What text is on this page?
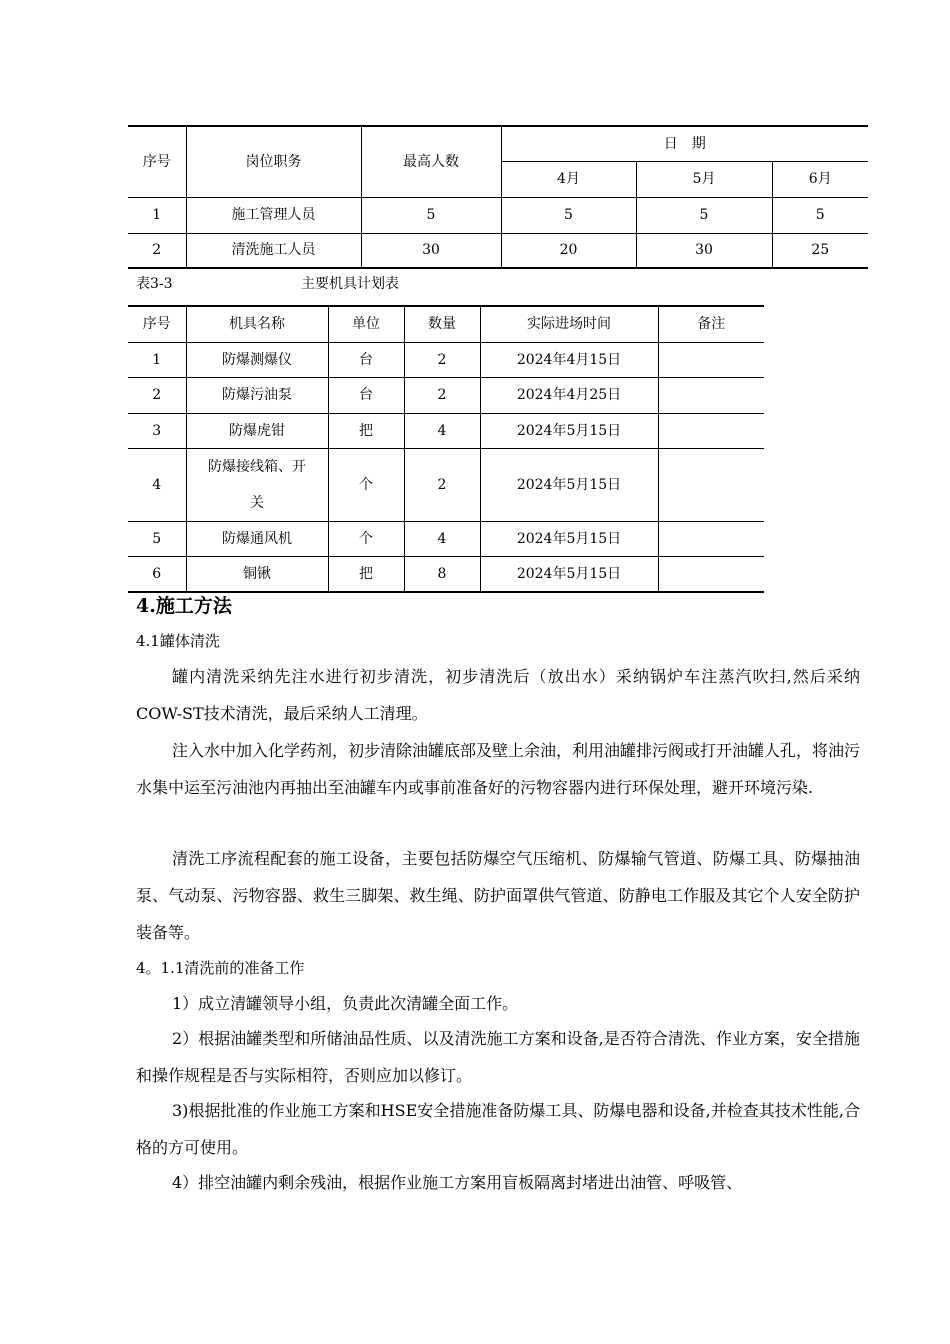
序号	岗位职务	最高人数	日　期		
			4月	5月	6月
1	施工管理人员	5	5	5	5
2	清洗施工人员	30	20	30	25
表3-3	主要机具计划表
序号	机具名称	单位	数量	实际进场时间	备注
1	防爆测爆仪	台	2	2024年4月15日	
2	防爆污油泵	台	2	2024年4月25日	
3	防爆虎钳	把	4	2024年5月15日	
4	防爆接线箱、开
关	个	2	2024年5月15日	
5	防爆通风机	个	4	2024年5月15日	
6	铜锹	把	8	2024年5月15日	
4.施工方法
4.1罐体清洗

罐内清洗采纳先注水进行初步清洗，初步清洗后（放出水）采纳锅炉车注蒸汽吹扫,然后采纳COW-ST技术清洗，最后采纳人工清理。

注入水中加入化学药剂，初步清除油罐底部及壁上余油，利用油罐排污阀或打开油罐人孔，将油污水集中运至污油池内再抽出至油罐车内或事前准备好的污物容器内进行环保处理，避开环境污染.

清洗工序流程配套的施工设备，主要包括防爆空气压缩机、防爆输气管道、防爆工具、防爆抽油泵、气动泵、污物容器、救生三脚架、救生绳、防护面罩供气管道、防静电工作服及其它个人安全防护装备等。

4。1.1清洗前的准备工作

1）成立清罐领导小组，负责此次清罐全面工作。

2）根据油罐类型和所储油品性质、以及清洗施工方案和设备,是否符合清洗、作业方案，安全措施和操作规程是否与实际相符，否则应加以修订。

3)根据批准的作业施工方案和HSE安全措施准备防爆工具、防爆电器和设备,并检查其技术性能,合格的方可使用。

4）排空油罐内剩余残油，根据作业施工方案用盲板隔离封堵进出油管、呼吸管、
